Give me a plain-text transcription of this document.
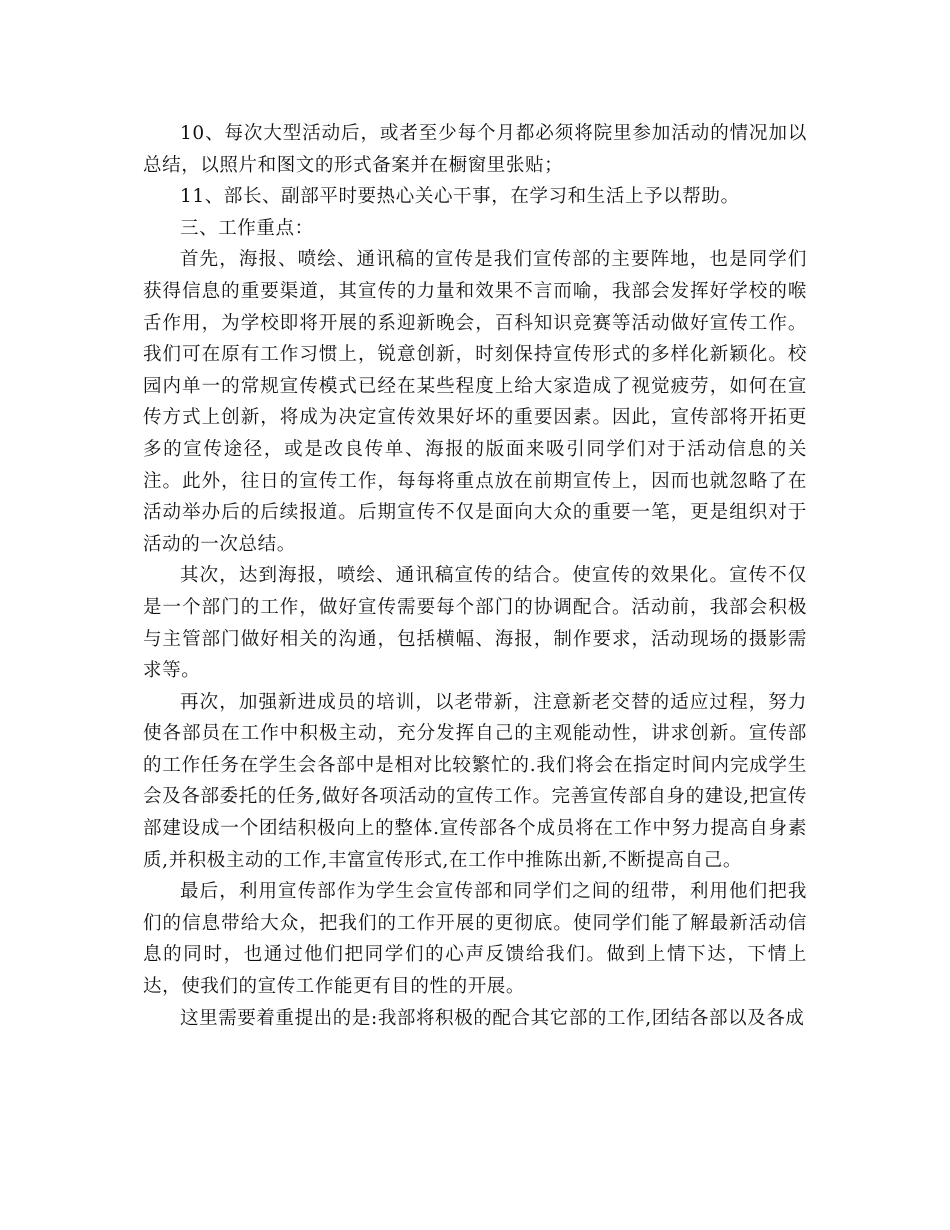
10、每次大型活动后，或者至少每个月都必须将院里参加活动的情况加以总结，以照片和图文的形式备案并在橱窗里张贴；

11、部长、副部平时要热心关心干事，在学习和生活上予以帮助。

三、工作重点：

首先，海报、喷绘、通讯稿的宣传是我们宣传部的主要阵地，也是同学们获得信息的重要渠道，其宣传的力量和效果不言而喻，我部会发挥好学校的喉舌作用，为学校即将开展的系迎新晚会，百科知识竞赛等活动做好宣传工作。我们可在原有工作习惯上，锐意创新，时刻保持宣传形式的多样化新颖化。校园内单一的常规宣传模式已经在某些程度上给大家造成了视觉疲劳，如何在宣传方式上创新，将成为决定宣传效果好坏的重要因素。因此，宣传部将开拓更多的宣传途径，或是改良传单、海报的版面来吸引同学们对于活动信息的关注。此外，往日的宣传工作，每每将重点放在前期宣传上，因而也就忽略了在活动举办后的后续报道。后期宣传不仅是面向大众的重要一笔，更是组织对于活动的一次总结。

其次，达到海报，喷绘、通讯稿宣传的结合。使宣传的效果化。宣传不仅是一个部门的工作，做好宣传需要每个部门的协调配合。活动前，我部会积极与主管部门做好相关的沟通，包括横幅、海报，制作要求，活动现场的摄影需求等。

再次，加强新进成员的培训，以老带新，注意新老交替的适应过程，努力使各部员在工作中积极主动，充分发挥自己的主观能动性，讲求创新。宣传部的工作任务在学生会各部中是相对比较繁忙的.我们将会在指定时间内完成学生会及各部委托的任务,做好各项活动的宣传工作。完善宣传部自身的建设,把宣传部建设成一个团结积极向上的整体.宣传部各个成员将在工作中努力提高自身素质,并积极主动的工作,丰富宣传形式,在工作中推陈出新,不断提高自己。

最后，利用宣传部作为学生会宣传部和同学们之间的纽带，利用他们把我们的信息带给大众，把我们的工作开展的更彻底。使同学们能了解最新活动信息的同时，也通过他们把同学们的心声反馈给我们。做到上情下达，下情上达，使我们的宣传工作能更有目的性的开展。

这里需要着重提出的是:我部将积极的配合其它部的工作,团结各部以及各成
